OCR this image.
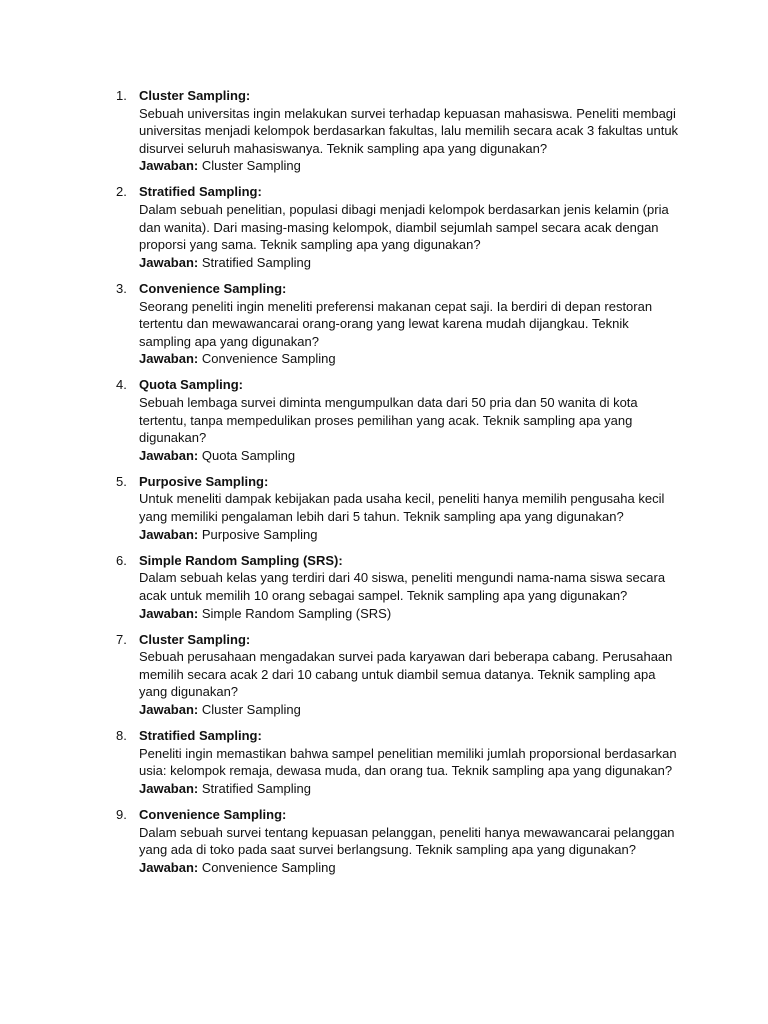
1. Cluster Sampling:
Sebuah universitas ingin melakukan survei terhadap kepuasan mahasiswa. Peneliti membagi universitas menjadi kelompok berdasarkan fakultas, lalu memilih secara acak 3 fakultas untuk disurvei seluruh mahasiswanya. Teknik sampling apa yang digunakan?
Jawaban: Cluster Sampling
2. Stratified Sampling:
Dalam sebuah penelitian, populasi dibagi menjadi kelompok berdasarkan jenis kelamin (pria dan wanita). Dari masing-masing kelompok, diambil sejumlah sampel secara acak dengan proporsi yang sama. Teknik sampling apa yang digunakan?
Jawaban: Stratified Sampling
3. Convenience Sampling:
Seorang peneliti ingin meneliti preferensi makanan cepat saji. Ia berdiri di depan restoran tertentu dan mewawancarai orang-orang yang lewat karena mudah dijangkau. Teknik sampling apa yang digunakan?
Jawaban: Convenience Sampling
4. Quota Sampling:
Sebuah lembaga survei diminta mengumpulkan data dari 50 pria dan 50 wanita di kota tertentu, tanpa mempedulikan proses pemilihan yang acak. Teknik sampling apa yang digunakan?
Jawaban: Quota Sampling
5. Purposive Sampling:
Untuk meneliti dampak kebijakan pada usaha kecil, peneliti hanya memilih pengusaha kecil yang memiliki pengalaman lebih dari 5 tahun. Teknik sampling apa yang digunakan?
Jawaban: Purposive Sampling
6. Simple Random Sampling (SRS):
Dalam sebuah kelas yang terdiri dari 40 siswa, peneliti mengundi nama-nama siswa secara acak untuk memilih 10 orang sebagai sampel. Teknik sampling apa yang digunakan?
Jawaban: Simple Random Sampling (SRS)
7. Cluster Sampling:
Sebuah perusahaan mengadakan survei pada karyawan dari beberapa cabang. Perusahaan memilih secara acak 2 dari 10 cabang untuk diambil semua datanya. Teknik sampling apa yang digunakan?
Jawaban: Cluster Sampling
8. Stratified Sampling:
Peneliti ingin memastikan bahwa sampel penelitian memiliki jumlah proporsional berdasarkan usia: kelompok remaja, dewasa muda, dan orang tua. Teknik sampling apa yang digunakan?
Jawaban: Stratified Sampling
9. Convenience Sampling:
Dalam sebuah survei tentang kepuasan pelanggan, peneliti hanya mewawancarai pelanggan yang ada di toko pada saat survei berlangsung. Teknik sampling apa yang digunakan?
Jawaban: Convenience Sampling
